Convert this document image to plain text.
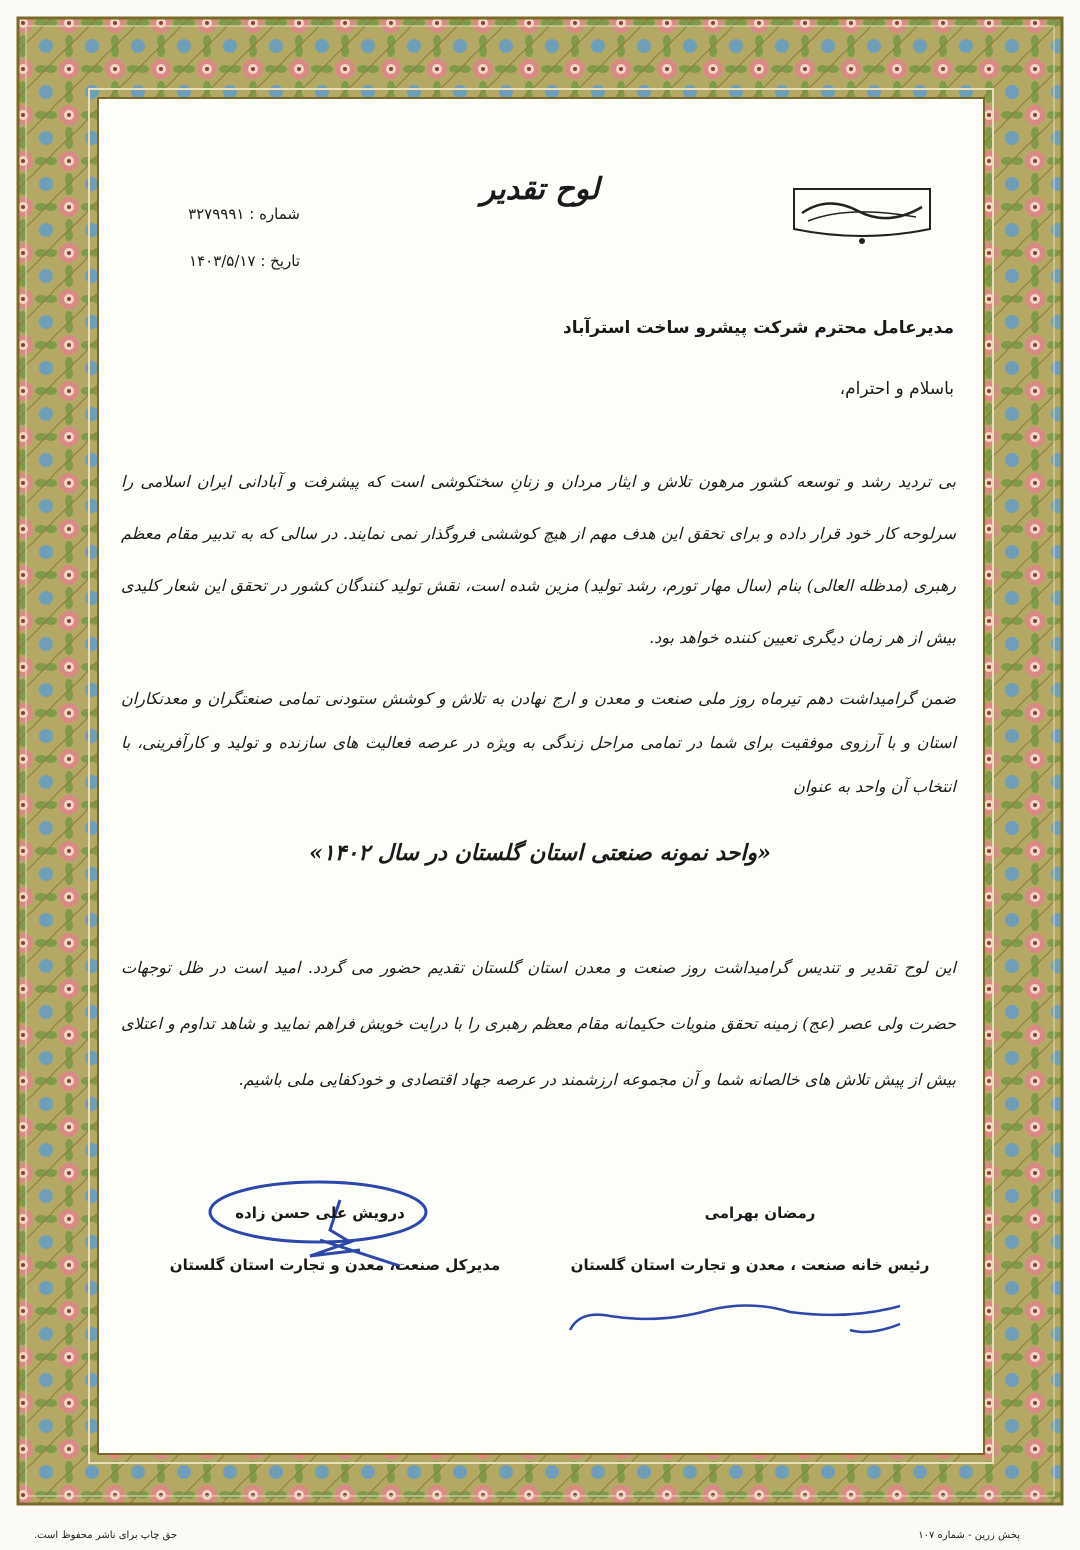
لوح تقدیر
شماره : ۳۲۷۹۹۹۱
تاریخ : ۱۴۰۳/۵/۱۷
مدیرعامل محترم شرکت پیشرو ساخت استرآباد
باسلام و احترام،
بی تردید رشد و توسعه کشور مرهون تلاش و ایثار مردان و زنانِ سختکوشی است که پیشرفت و آبادانی ایران اسلامی را سرلوحه کار خود قرار داده و برای تحقق این هدف مهم از هیچ کوششی فروگذار نمی نمایند. در سالی که به تدبیر مقام معظم رهبری (مدظله العالی) بنام (سال مهار تورم، رشد تولید) مزین شده است، نقش تولید کنندگان کشور در تحقق این شعار کلیدی بیش از هر زمان دیگری تعیین کننده خواهد بود.
ضمن گرامیداشت دهم تیرماه روز ملی صنعت و معدن و ارج نهادن به تلاش و کوشش ستودنی تمامی صنعتگران و معدنکاران استان و با آرزوی موفقیت برای شما در تمامی مراحل زندگی به ویژه در عرصه فعالیت های سازنده و تولید و کارآفرینی، با انتخاب آن واحد به عنوان
«واحد نمونه صنعتی استان گلستان در سال ۱۴۰۲»
این لوح تقدیر و تندیس گرامیداشت روز صنعت و معدن استان گلستان تقدیم حضور می گردد. امید است در ظل توجهات حضرت ولی عصر (عج) زمینه تحقق منویات حکیمانه مقام معظم رهبری را با درایت خویش فراهم نمایید و شاهد تداوم و اعتلای بیش از پیش تلاش های خالصانه شما و آن مجموعه ارزشمند در عرصه جهاد اقتصادی و خودکفایی ملی باشیم.
درویش علی حسن زاده
مدیرکل صنعت، معدن و تجارت استان گلستان
رمضان بهرامی
رئیس خانه صنعت ، معدن و تجارت استان گلستان
پخش زرین - شماره ۱۰۷
حق چاپ برای ناشر محفوظ است.
